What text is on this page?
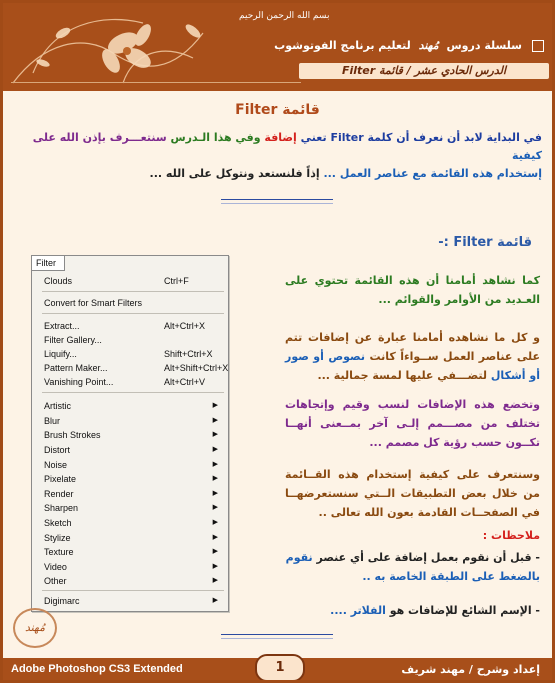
بسم الله الرحمن الرحيم
سلسلة دروس مُهند لتعليم برنامج الفوتوشوب
الدرس الحادي عشر / قائمة Filter
قائمة Filter
في البداية لابد أن نعرف أن كلمة Filter تعني إضافة وفي هذا الـدرس سنتعـــرف بإذن الله على كيفية
إستخدام هذه القائمة مع عناصر العمل ... إذاً فلنستعد ونتوكل على الله ...
قائمة Filter :-
Filter
Clouds	Ctrl+F
Convert for Smart Filters
Extract...	Alt+Ctrl+X
Filter Gallery...
Liquify...	Shift+Ctrl+X
Pattern Maker...	Alt+Shift+Ctrl+X
Vanishing Point...	Alt+Ctrl+V
Artistic	▶
Blur	▶
Brush Strokes	▶
Distort	▶
Noise	▶
Pixelate	▶
Render	▶
Sharpen	▶
Sketch	▶
Stylize	▶
Texture	▶
Video	▶
Other	▶
Digimarc	▶
كما نشاهد أمامنا أن هذه القائمة تحتوي على العـديد من الأوامر والقوائم ...
و كل ما نشاهده أمامنا عبارة عن إضافات تتم على عناصر العمل ســواءاً كانت نصوص أو صور أو أشكال لتضـــفي عليها لمسة جمالية ...
وتخضع هذه الإضافات لنسب وقيم وإتجاهات تختلف من مصـــمم إلـى آخر بمــعنى أنهــا تكــون حسب رؤية كل مصمم ...
وسنتعرف على كيفية إستخدام هذه القــائمة من خلال بعض التطبيقات الــتي سنستعرضهــا في الصفحــات القادمة بعون الله تعالى ..
ملاحظات :
- قبل أن نقوم بعمل إضافة على أي عنصر نقوم بالضغط على الطبقة الخاصة به ..
- الإسم الشائع للإضافات هو الفلاتر ....
مُهند
Adobe Photoshop CS3 Extended	1	إعداد وشرح / مهند شريف
